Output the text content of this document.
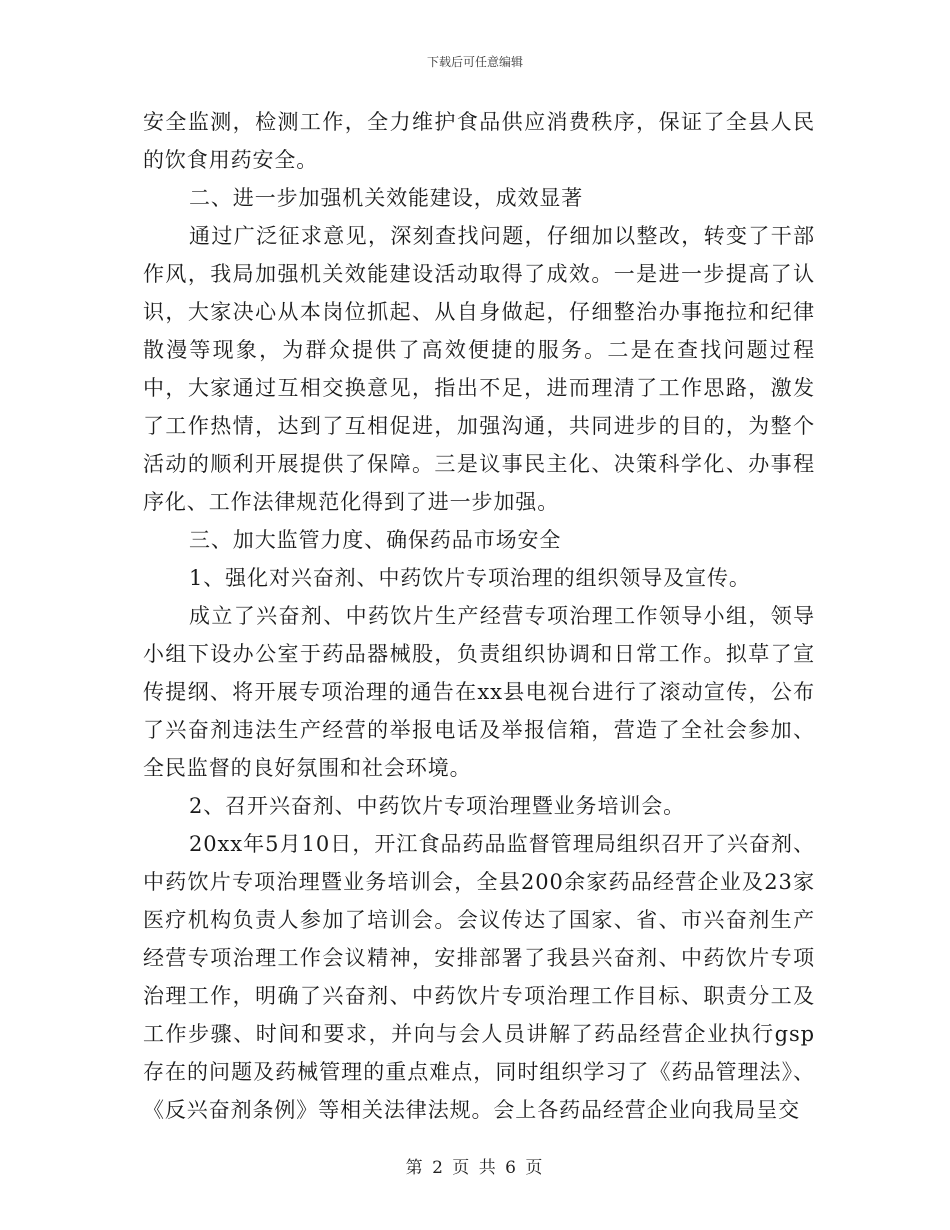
下载后可任意编辑

安全监测，检测工作，全力维护食品供应消费秩序，保证了全县人民的饮食用药安全。

二、进一步加强机关效能建设，成效显著

通过广泛征求意见，深刻查找问题，仔细加以整改，转变了干部作风，我局加强机关效能建设活动取得了成效。一是进一步提高了认识，大家决心从本岗位抓起、从自身做起，仔细整治办事拖拉和纪律散漫等现象，为群众提供了高效便捷的服务。二是在查找问题过程中，大家通过互相交换意见，指出不足，进而理清了工作思路，激发了工作热情，达到了互相促进，加强沟通，共同进步的目的，为整个活动的顺利开展提供了保障。三是议事民主化、决策科学化、办事程序化、工作法律规范化得到了进一步加强。

三、加大监管力度、确保药品市场安全

1、强化对兴奋剂、中药饮片专项治理的组织领导及宣传。

成立了兴奋剂、中药饮片生产经营专项治理工作领导小组，领导小组下设办公室于药品器械股，负责组织协调和日常工作。拟草了宣传提纲、将开展专项治理的通告在xx县电视台进行了滚动宣传，公布了兴奋剂违法生产经营的举报电话及举报信箱，营造了全社会参加、全民监督的良好氛围和社会环境。

2、召开兴奋剂、中药饮片专项治理暨业务培训会。

20xx年5月10日，开江食品药品监督管理局组织召开了兴奋剂、中药饮片专项治理暨业务培训会，全县200余家药品经营企业及23家医疗机构负责人参加了培训会。会议传达了国家、省、市兴奋剂生产经营专项治理工作会议精神，安排部署了我县兴奋剂、中药饮片专项治理工作，明确了兴奋剂、中药饮片专项治理工作目标、职责分工及工作步骤、时间和要求，并向与会人员讲解了药品经营企业执行gsp存在的问题及药械管理的重点难点，同时组织学习了《药品管理法》、《反兴奋剂条例》等相关法律法规。会上各药品经营企业向我局呈交

第 2 页 共 6 页
